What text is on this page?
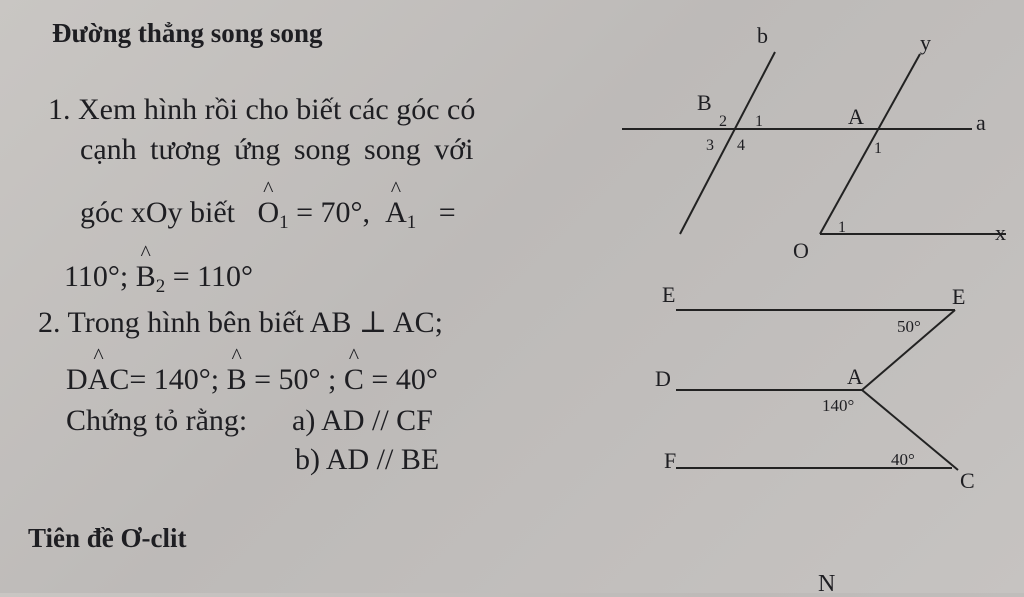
Đường thẳng song song
1. Xem hình rồi cho biết các góc có
cạnh tương ứng song song với
góc xOy biết ^ $O_1 = 70^\circ$, ^ $A_1$ =
110°; ^ $B_2 = 110^\circ$
2. Trong hình bên biết AB ⊥ AC;
D^ AC= 140°; ^ B = 50° ; ^ C = 40°
Chứng tỏ rằng: a) AD // CF
b) AD // BE
Tiên đề Ơ-clit
N
b	y
B
A	a
O
x
2 1
3 4	1
1
E	E
D	A
F
C
50°
140°
40°
